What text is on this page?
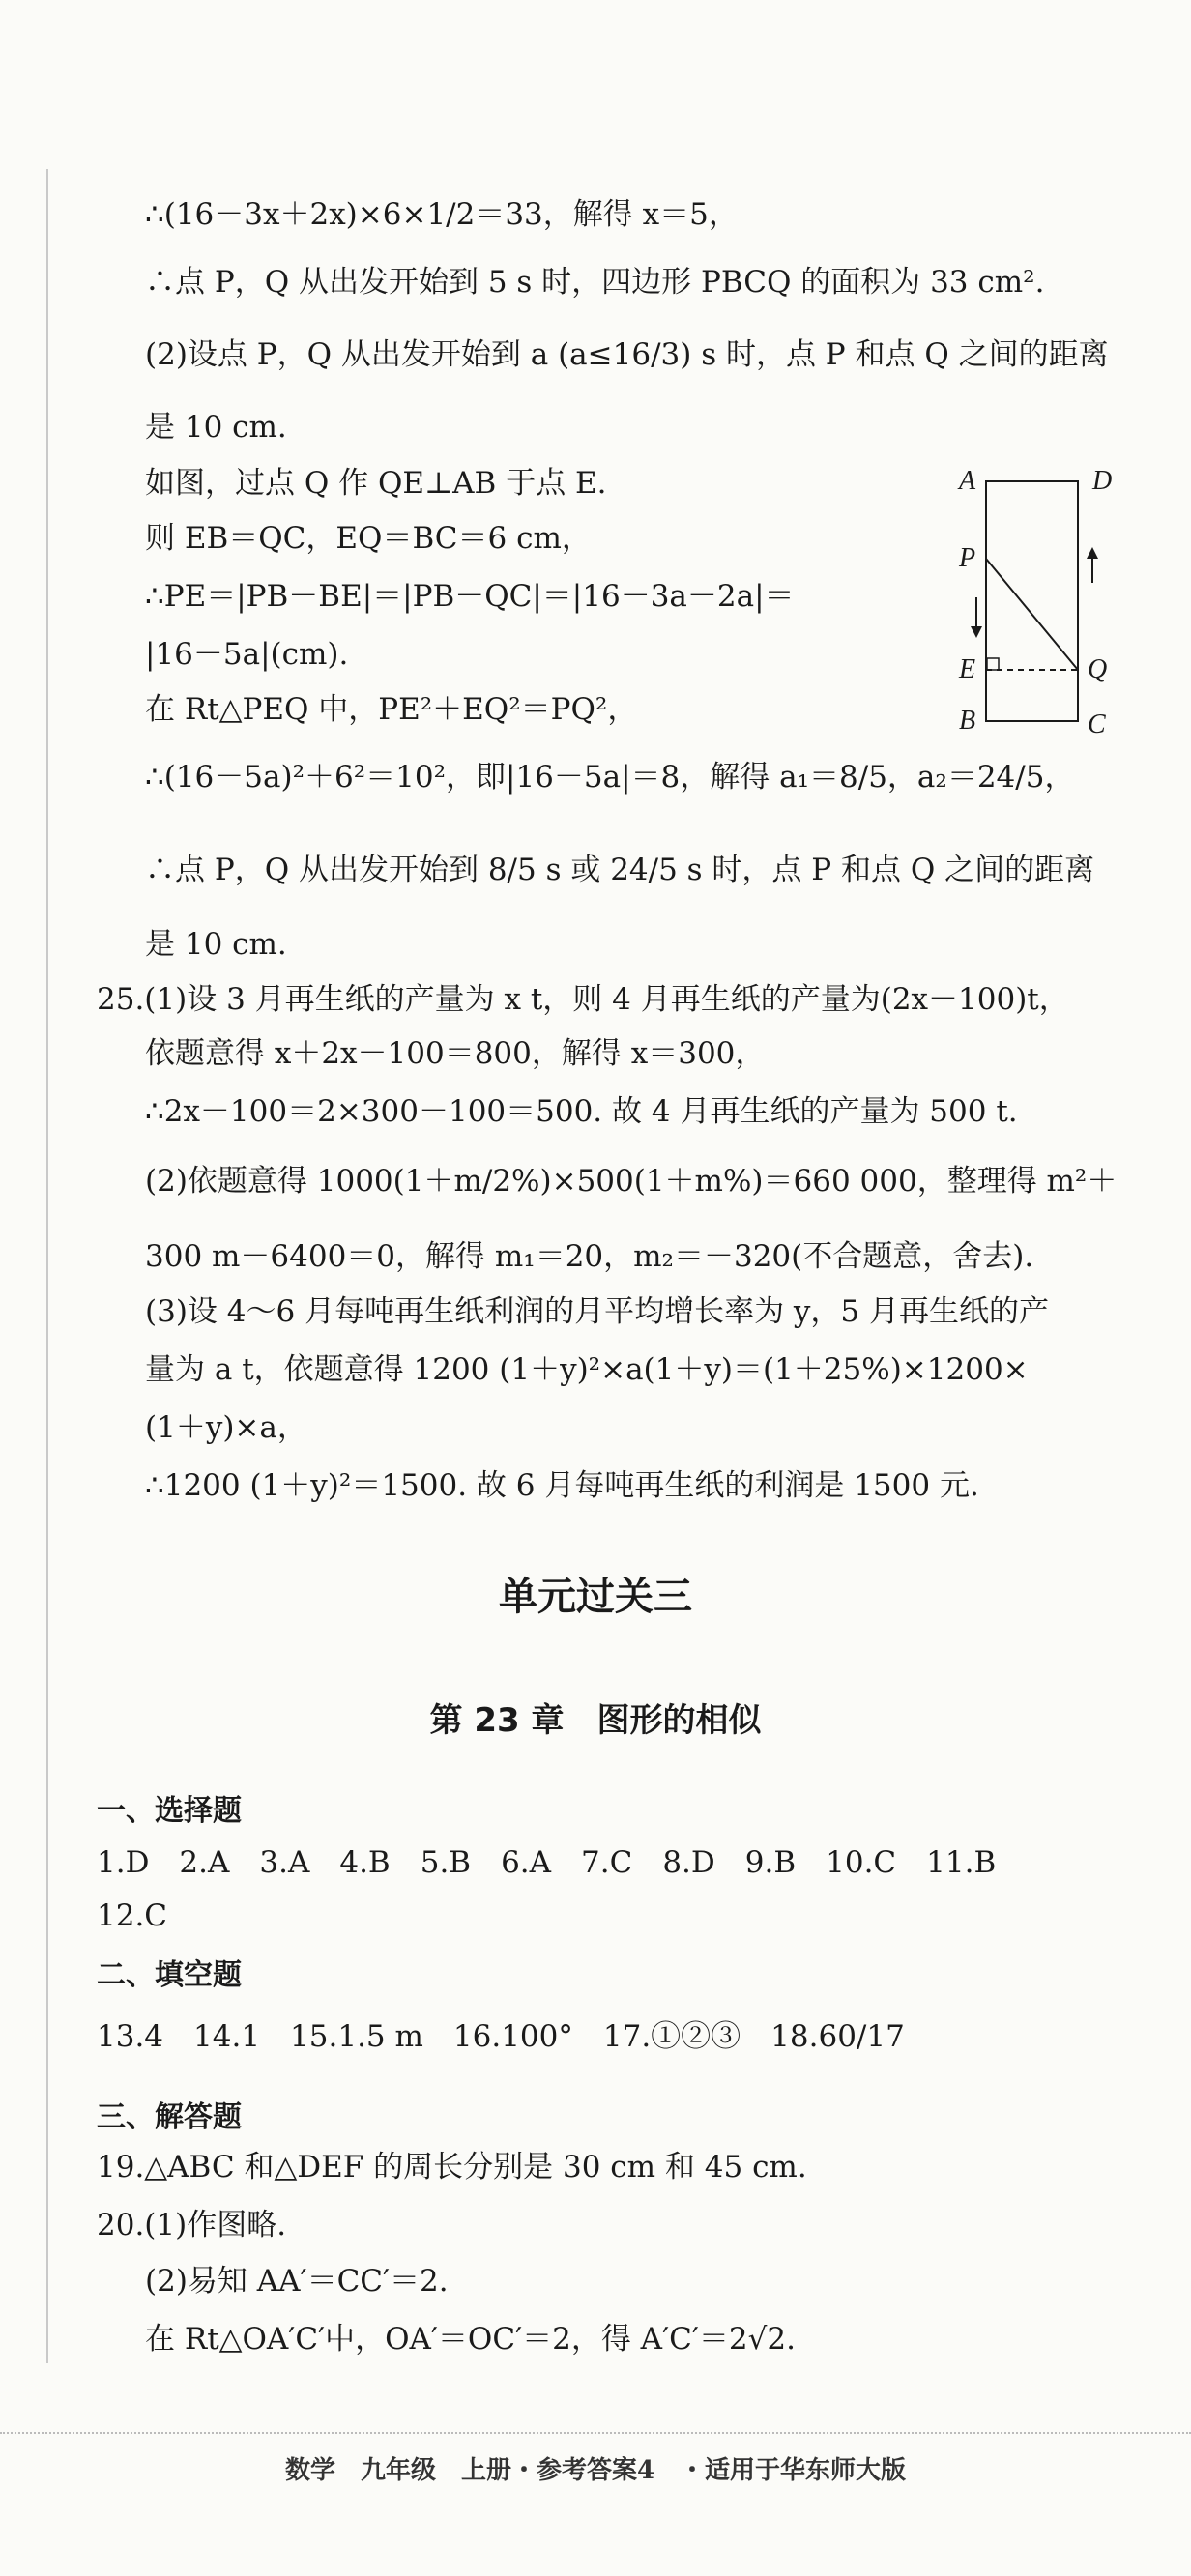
∴(16－3x＋2x)×6×1/2＝33，解得 x＝5，
∴点 P，Q 从出发开始到 5 s 时，四边形 PBCQ 的面积为 33 cm².
(2)设点 P，Q 从出发开始到 a (a≤16/3) s 时，点 P 和点 Q 之间的距离
是 10 cm.
如图，过点 Q 作 QE⊥AB 于点 E.
则 EB＝QC，EQ＝BC＝6 cm，
∴PE＝|PB－BE|＝|PB－QC|＝|16－3a－2a|＝
|16－5a|(cm).
在 Rt△PEQ 中，PE²＋EQ²＝PQ²，
∴(16－5a)²＋6²＝10²，即|16－5a|＝8，解得 a₁＝8/5，a₂＝24/5，
∴点 P，Q 从出发开始到 8/5 s 或 24/5 s 时，点 P 和点 Q 之间的距离
是 10 cm.
25.(1)设 3 月再生纸的产量为 x t，则 4 月再生纸的产量为(2x－100)t，
依题意得 x＋2x－100＝800，解得 x＝300，
∴2x－100＝2×300－100＝500. 故 4 月再生纸的产量为 500 t.
(2)依题意得 1000(1＋m/2%)×500(1＋m%)＝660 000，整理得 m²＋
300 m－6400＝0，解得 m₁＝20，m₂＝－320(不合题意，舍去).
(3)设 4～6 月每吨再生纸利润的月平均增长率为 y，5 月再生纸的产
量为 a t，依题意得 1200 (1＋y)²×a(1＋y)＝(1＋25%)×1200×
(1＋y)×a，
∴1200 (1＋y)²＝1500. 故 6 月每吨再生纸的利润是 1500 元.
A	D
P
E	Q
B	C
单元过关三
第 23 章　图形的相似
一、选择题
1.D　2.A　3.A　4.B　5.B　6.A　7.C　8.D　9.B　10.C　11.B
12.C
二、填空题
13.4　14.1　15.1.5 m　16.100°　17.①②③　18.60/17
三、解答题
19.△ABC 和△DEF 的周长分别是 30 cm 和 45 cm.
20.(1)作图略.
(2)易知 AA′＝CC′＝2.
在 Rt△OA′C′中，OA′＝OC′＝2，得 A′C′＝2√2.
数学　九年级　上册・参考答案4　・适用于华东师大版
